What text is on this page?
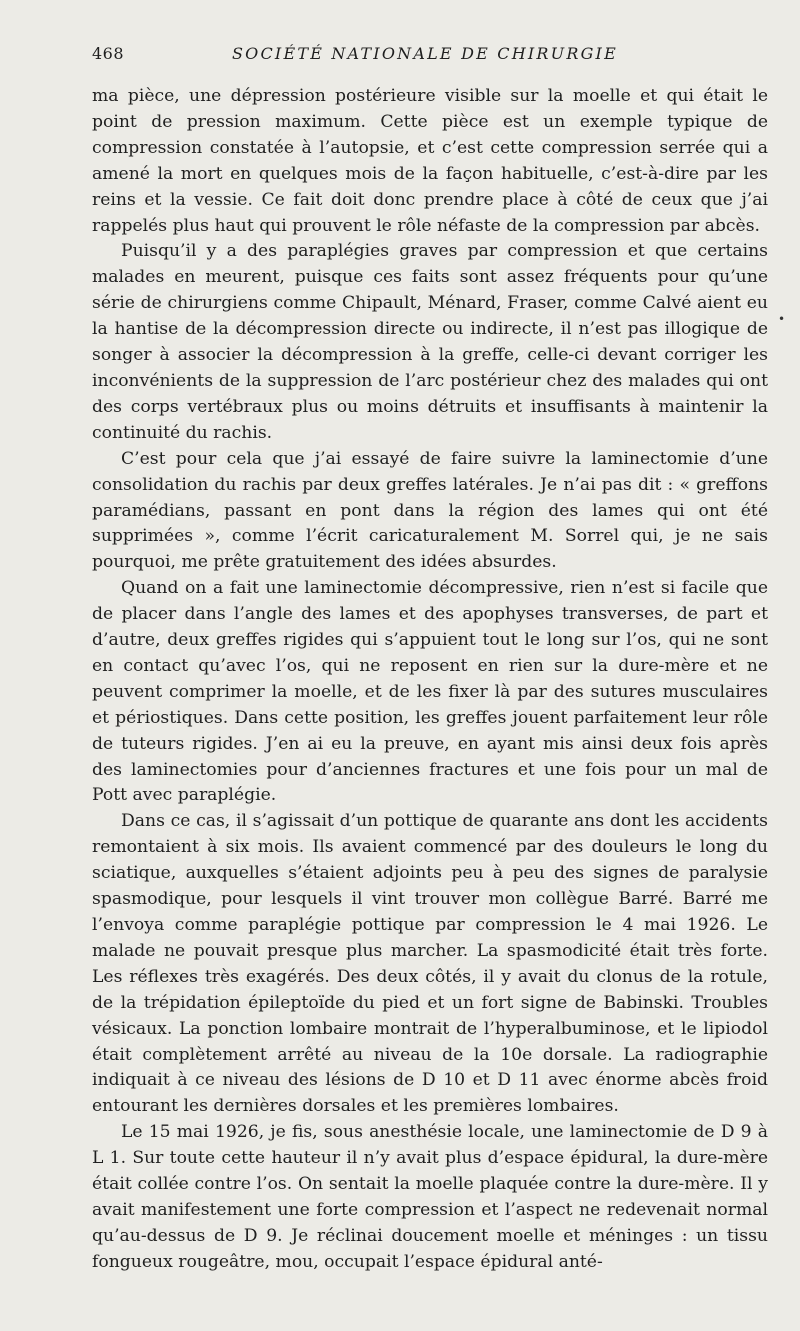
468	SOCIÉTÉ NATIONALE DE CHIRURGIE

ma pièce, une dépression postérieure visible sur la moelle et qui était le point de pression maximum. Cette pièce est un exemple typique de compression constatée à l’autopsie, et c’est cette compression serrée qui a amené la mort en quelques mois de la façon habituelle, c’est-à-dire par les reins et la vessie. Ce fait doit donc prendre place à côté de ceux que j’ai rappelés plus haut qui prouvent le rôle néfaste de la compression par abcès.

Puisqu’il y a des paraplégies graves par compression et que certains malades en meurent, puisque ces faits sont assez fréquents pour qu’une série de chirurgiens comme Chipault, Ménard, Fraser, comme Calvé aient eu la hantise de la décompression directe ou indirecte, il n’est pas illogique de songer à associer la décompression à la greffe, celle-ci devant corriger les inconvénients de la suppression de l’arc postérieur chez des malades qui ont des corps vertébraux plus ou moins détruits et insuffisants à maintenir la continuité du rachis.

C’est pour cela que j’ai essayé de faire suivre la laminectomie d’une consolidation du rachis par deux greffes latérales. Je n’ai pas dit : « greffons paramédians, passant en pont dans la région des lames qui ont été supprimées », comme l’écrit caricaturalement M. Sorrel qui, je ne sais pourquoi, me prête gratuitement des idées absurdes.

Quand on a fait une laminectomie décompressive, rien n’est si facile que de placer dans l’angle des lames et des apophyses transverses, de part et d’autre, deux greffes rigides qui s’appuient tout le long sur l’os, qui ne sont en contact qu’avec l’os, qui ne reposent en rien sur la dure-mère et ne peuvent comprimer la moelle, et de les fixer là par des sutures musculaires et périostiques. Dans cette position, les greffes jouent parfaitement leur rôle de tuteurs rigides. J’en ai eu la preuve, en ayant mis ainsi deux fois après des laminectomies pour d’anciennes fractures et une fois pour un mal de Pott avec paraplégie.

Dans ce cas, il s’agissait d’un pottique de quarante ans dont les accidents remontaient à six mois. Ils avaient commencé par des douleurs le long du sciatique, auxquelles s’étaient adjoints peu à peu des signes de paralysie spasmodique, pour lesquels il vint trouver mon collègue Barré. Barré me l’envoya comme paraplégie pottique par compression le 4 mai 1926. Le malade ne pouvait presque plus marcher. La spasmodicité était très forte. Les réflexes très exagérés. Des deux côtés, il y avait du clonus de la rotule, de la trépidation épileptoïde du pied et un fort signe de Babinski. Troubles vésicaux. La ponction lombaire montrait de l’hyperalbuminose, et le lipiodol était complètement arrêté au niveau de la 10e dorsale. La radiographie indiquait à ce niveau des lésions de D 10 et D 11 avec énorme abcès froid entourant les dernières dorsales et les premières lombaires.

Le 15 mai 1926, je fis, sous anesthésie locale, une laminectomie de D 9 à L 1. Sur toute cette hauteur il n’y avait plus d’espace épidural, la dure-mère était collée contre l’os. On sentait la moelle plaquée contre la dure-mère. Il y avait manifestement une forte compression et l’aspect ne redevenait normal qu’au-dessus de D 9. Je réclinai doucement moelle et méninges : un tissu fongueux rougeâtre, mou, occupait l’espace épidural anté-

•
